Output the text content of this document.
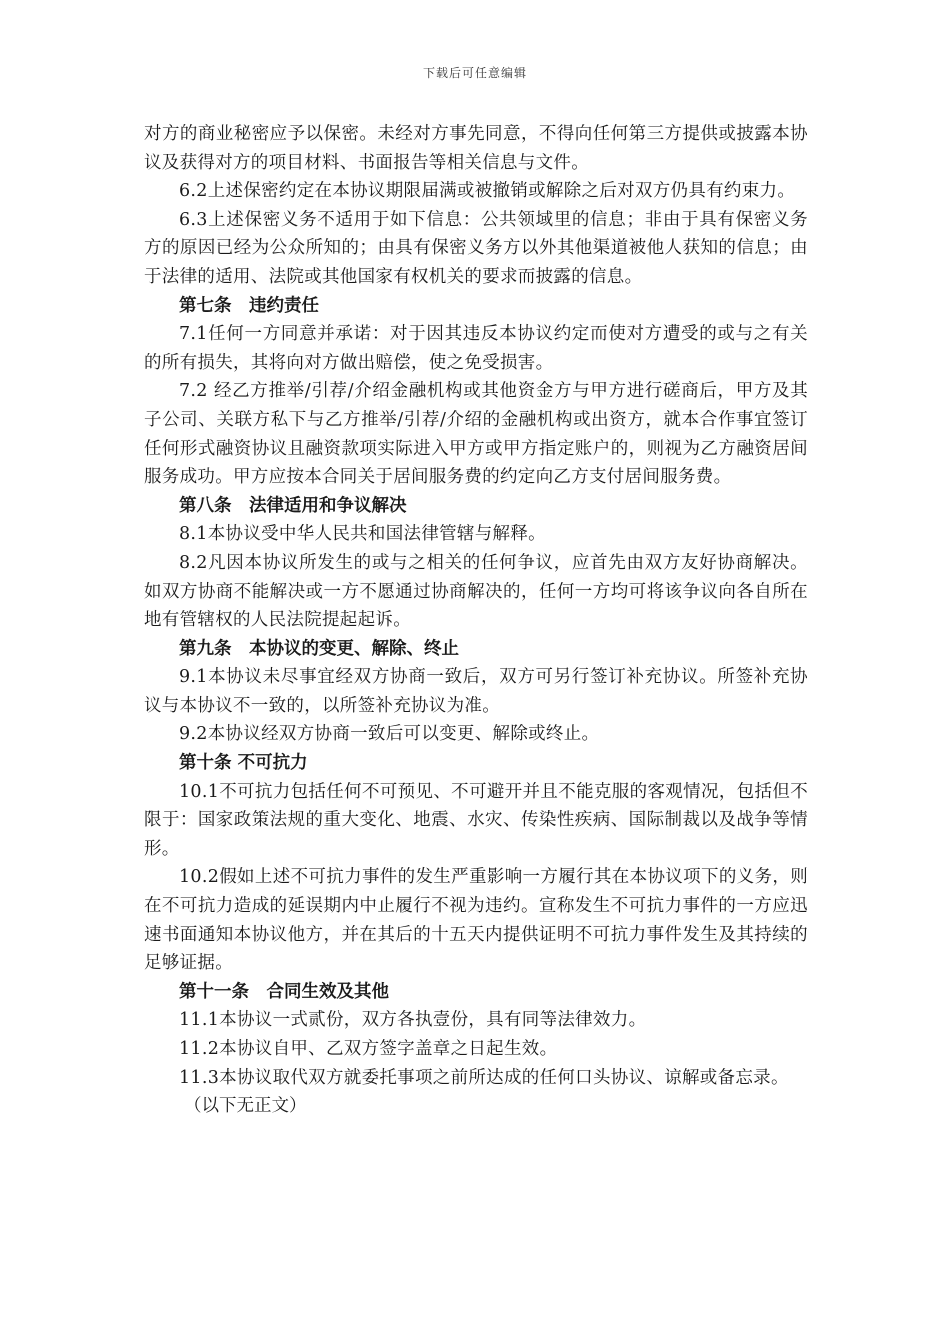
下载后可任意编辑

对方的商业秘密应予以保密。未经对方事先同意，不得向任何第三方提供或披露本协议及获得对方的项目材料、书面报告等相关信息与文件。

6.2上述保密约定在本协议期限届满或被撤销或解除之后对双方仍具有约束力。

6.3上述保密义务不适用于如下信息：公共领域里的信息；非由于具有保密义务方的原因已经为公众所知的；由具有保密义务方以外其他渠道被他人获知的信息；由于法律的适用、法院或其他国家有权机关的要求而披露的信息。

第七条　违约责任

7.1任何一方同意并承诺：对于因其违反本协议约定而使对方遭受的或与之有关的所有损失，其将向对方做出赔偿，使之免受损害。

7.2 经乙方推举/引荐/介绍金融机构或其他资金方与甲方进行磋商后，甲方及其子公司、关联方私下与乙方推举/引荐/介绍的金融机构或出资方，就本合作事宜签订任何形式融资协议且融资款项实际进入甲方或甲方指定账户的，则视为乙方融资居间服务成功。甲方应按本合同关于居间服务费的约定向乙方支付居间服务费。

第八条　法律适用和争议解决

8.1本协议受中华人民共和国法律管辖与解释。

8.2凡因本协议所发生的或与之相关的任何争议，应首先由双方友好协商解决。如双方协商不能解决或一方不愿通过协商解决的，任何一方均可将该争议向各自所在地有管辖权的人民法院提起起诉。

第九条　本协议的变更、解除、终止

9.1本协议未尽事宜经双方协商一致后，双方可另行签订补充协议。所签补充协议与本协议不一致的，以所签补充协议为准。

9.2本协议经双方协商一致后可以变更、解除或终止。

第十条 不可抗力

10.1不可抗力包括任何不可预见、不可避开并且不能克服的客观情况，包括但不限于：国家政策法规的重大变化、地震、水灾、传染性疾病、国际制裁以及战争等情形。

10.2假如上述不可抗力事件的发生严重影响一方履行其在本协议项下的义务，则在不可抗力造成的延误期内中止履行不视为违约。宣称发生不可抗力事件的一方应迅速书面通知本协议他方，并在其后的十五天内提供证明不可抗力事件发生及其持续的足够证据。

第十一条　合同生效及其他

11.1本协议一式贰份，双方各执壹份，具有同等法律效力。

11.2本协议自甲、乙双方签字盖章之日起生效。

11.3本协议取代双方就委托事项之前所达成的任何口头协议、谅解或备忘录。

（以下无正文）
